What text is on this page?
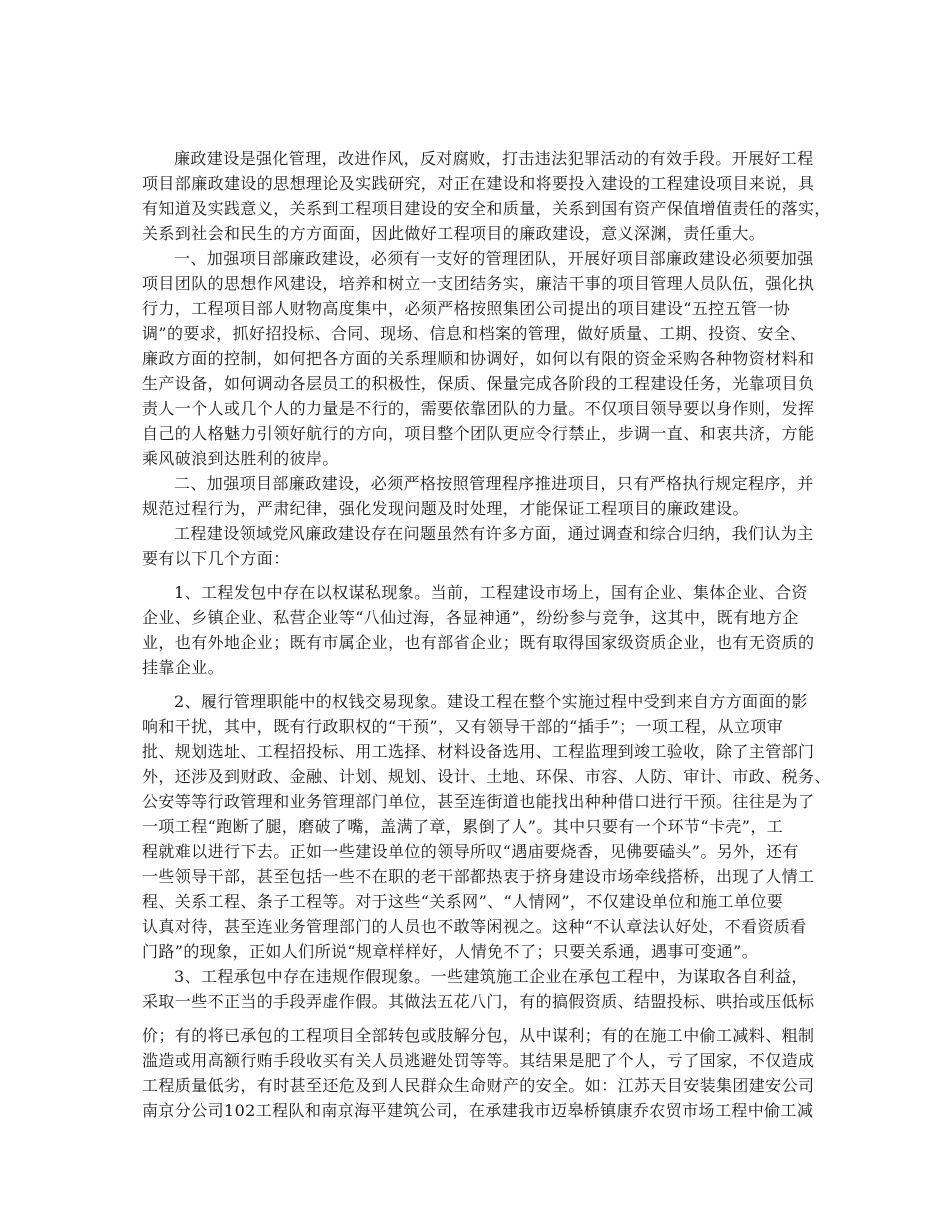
廉政建设是强化管理，改进作风，反对腐败，打击违法犯罪活动的有效手段。开展好工程
项目部廉政建设的思想理论及实践研究，对正在建设和将要投入建设的工程建设项目来说，具
有知道及实践意义，关系到工程项目建设的安全和质量，关系到国有资产保值增值责任的落实，
关系到社会和民生的方方面面，因此做好工程项目的廉政建设，意义深渊，责任重大。
一、加强项目部廉政建设，必须有一支好的管理团队，开展好项目部廉政建设必须要加强
项目团队的思想作风建设，培养和树立一支团结务实，廉洁干事的项目管理人员队伍，强化执
行力，工程项目部人财物高度集中，必须严格按照集团公司提出的项目建设“五控五管一协
调”的要求，抓好招投标、合同、现场、信息和档案的管理，做好质量、工期、投资、安全、
廉政方面的控制，如何把各方面的关系理顺和协调好，如何以有限的资金采购各种物资材料和
生产设备，如何调动各层员工的积极性，保质、保量完成各阶段的工程建设任务，光靠项目负
责人一个人或几个人的力量是不行的，需要依靠团队的力量。不仅项目领导要以身作则，发挥
自己的人格魅力引领好航行的方向，项目整个团队更应令行禁止，步调一直、和衷共济，方能
乘风破浪到达胜利的彼岸。
二、加强项目部廉政建设，必须严格按照管理程序推进项目，只有严格执行规定程序，并
规范过程行为，严肃纪律，强化发现问题及时处理，才能保证工程项目的廉政建设。
工程建设领域党风廉政建设存在问题虽然有许多方面，通过调查和综合归纳，我们认为主
要有以下几个方面：
1、工程发包中存在以权谋私现象。当前，工程建设市场上，国有企业、集体企业、合资
企业、乡镇企业、私营企业等“八仙过海，各显神通”，纷纷参与竞争，这其中，既有地方企
业，也有外地企业；既有市属企业，也有部省企业；既有取得国家级资质企业，也有无资质的
挂靠企业。
2、履行管理职能中的权钱交易现象。建设工程在整个实施过程中受到来自方方面面的影
响和干扰，其中，既有行政职权的“干预”，又有领导干部的“插手”；一项工程，从立项审
批、规划选址、工程招投标、用工选择、材料设备选用、工程监理到竣工验收，除了主管部门
外，还涉及到财政、金融、计划、规划、设计、土地、环保、市容、人防、审计、市政、税务、
公安等等行政管理和业务管理部门单位，甚至连街道也能找出种种借口进行干预。往往是为了
一项工程“跑断了腿，磨破了嘴，盖满了章，累倒了人”。其中只要有一个环节“卡壳”，工
程就难以进行下去。正如一些建设单位的领导所叹“遇庙要烧香，见佛要磕头”。另外，还有
一些领导干部，甚至包括一些不在职的老干部都热衷于挤身建设市场牵线搭桥，出现了人情工
程、关系工程、条子工程等。对于这些“关系网”、“人情网”，不仅建设单位和施工单位要
认真对待，甚至连业务管理部门的人员也不敢等闲视之。这种“不认章法认好处，不看资质看
门路”的现象，正如人们所说“规章样样好，人情免不了；只要关系通，遇事可变通”。
3、工程承包中存在违规作假现象。一些建筑施工企业在承包工程中，为谋取各自利益，
采取一些不正当的手段弄虚作假。其做法五花八门，有的搞假资质、结盟投标、哄抬或压低标
价；有的将已承包的工程项目全部转包或肢解分包，从中谋利；有的在施工中偷工减料、粗制
滥造或用高额行贿手段收买有关人员逃避处罚等等。其结果是肥了个人，亏了国家，不仅造成
工程质量低劣，有时甚至还危及到人民群众生命财产的安全。如：江苏天目安装集团建安公司
南京分公司102工程队和南京海平建筑公司，在承建我市迈皋桥镇康乔农贸市场工程中偷工减
